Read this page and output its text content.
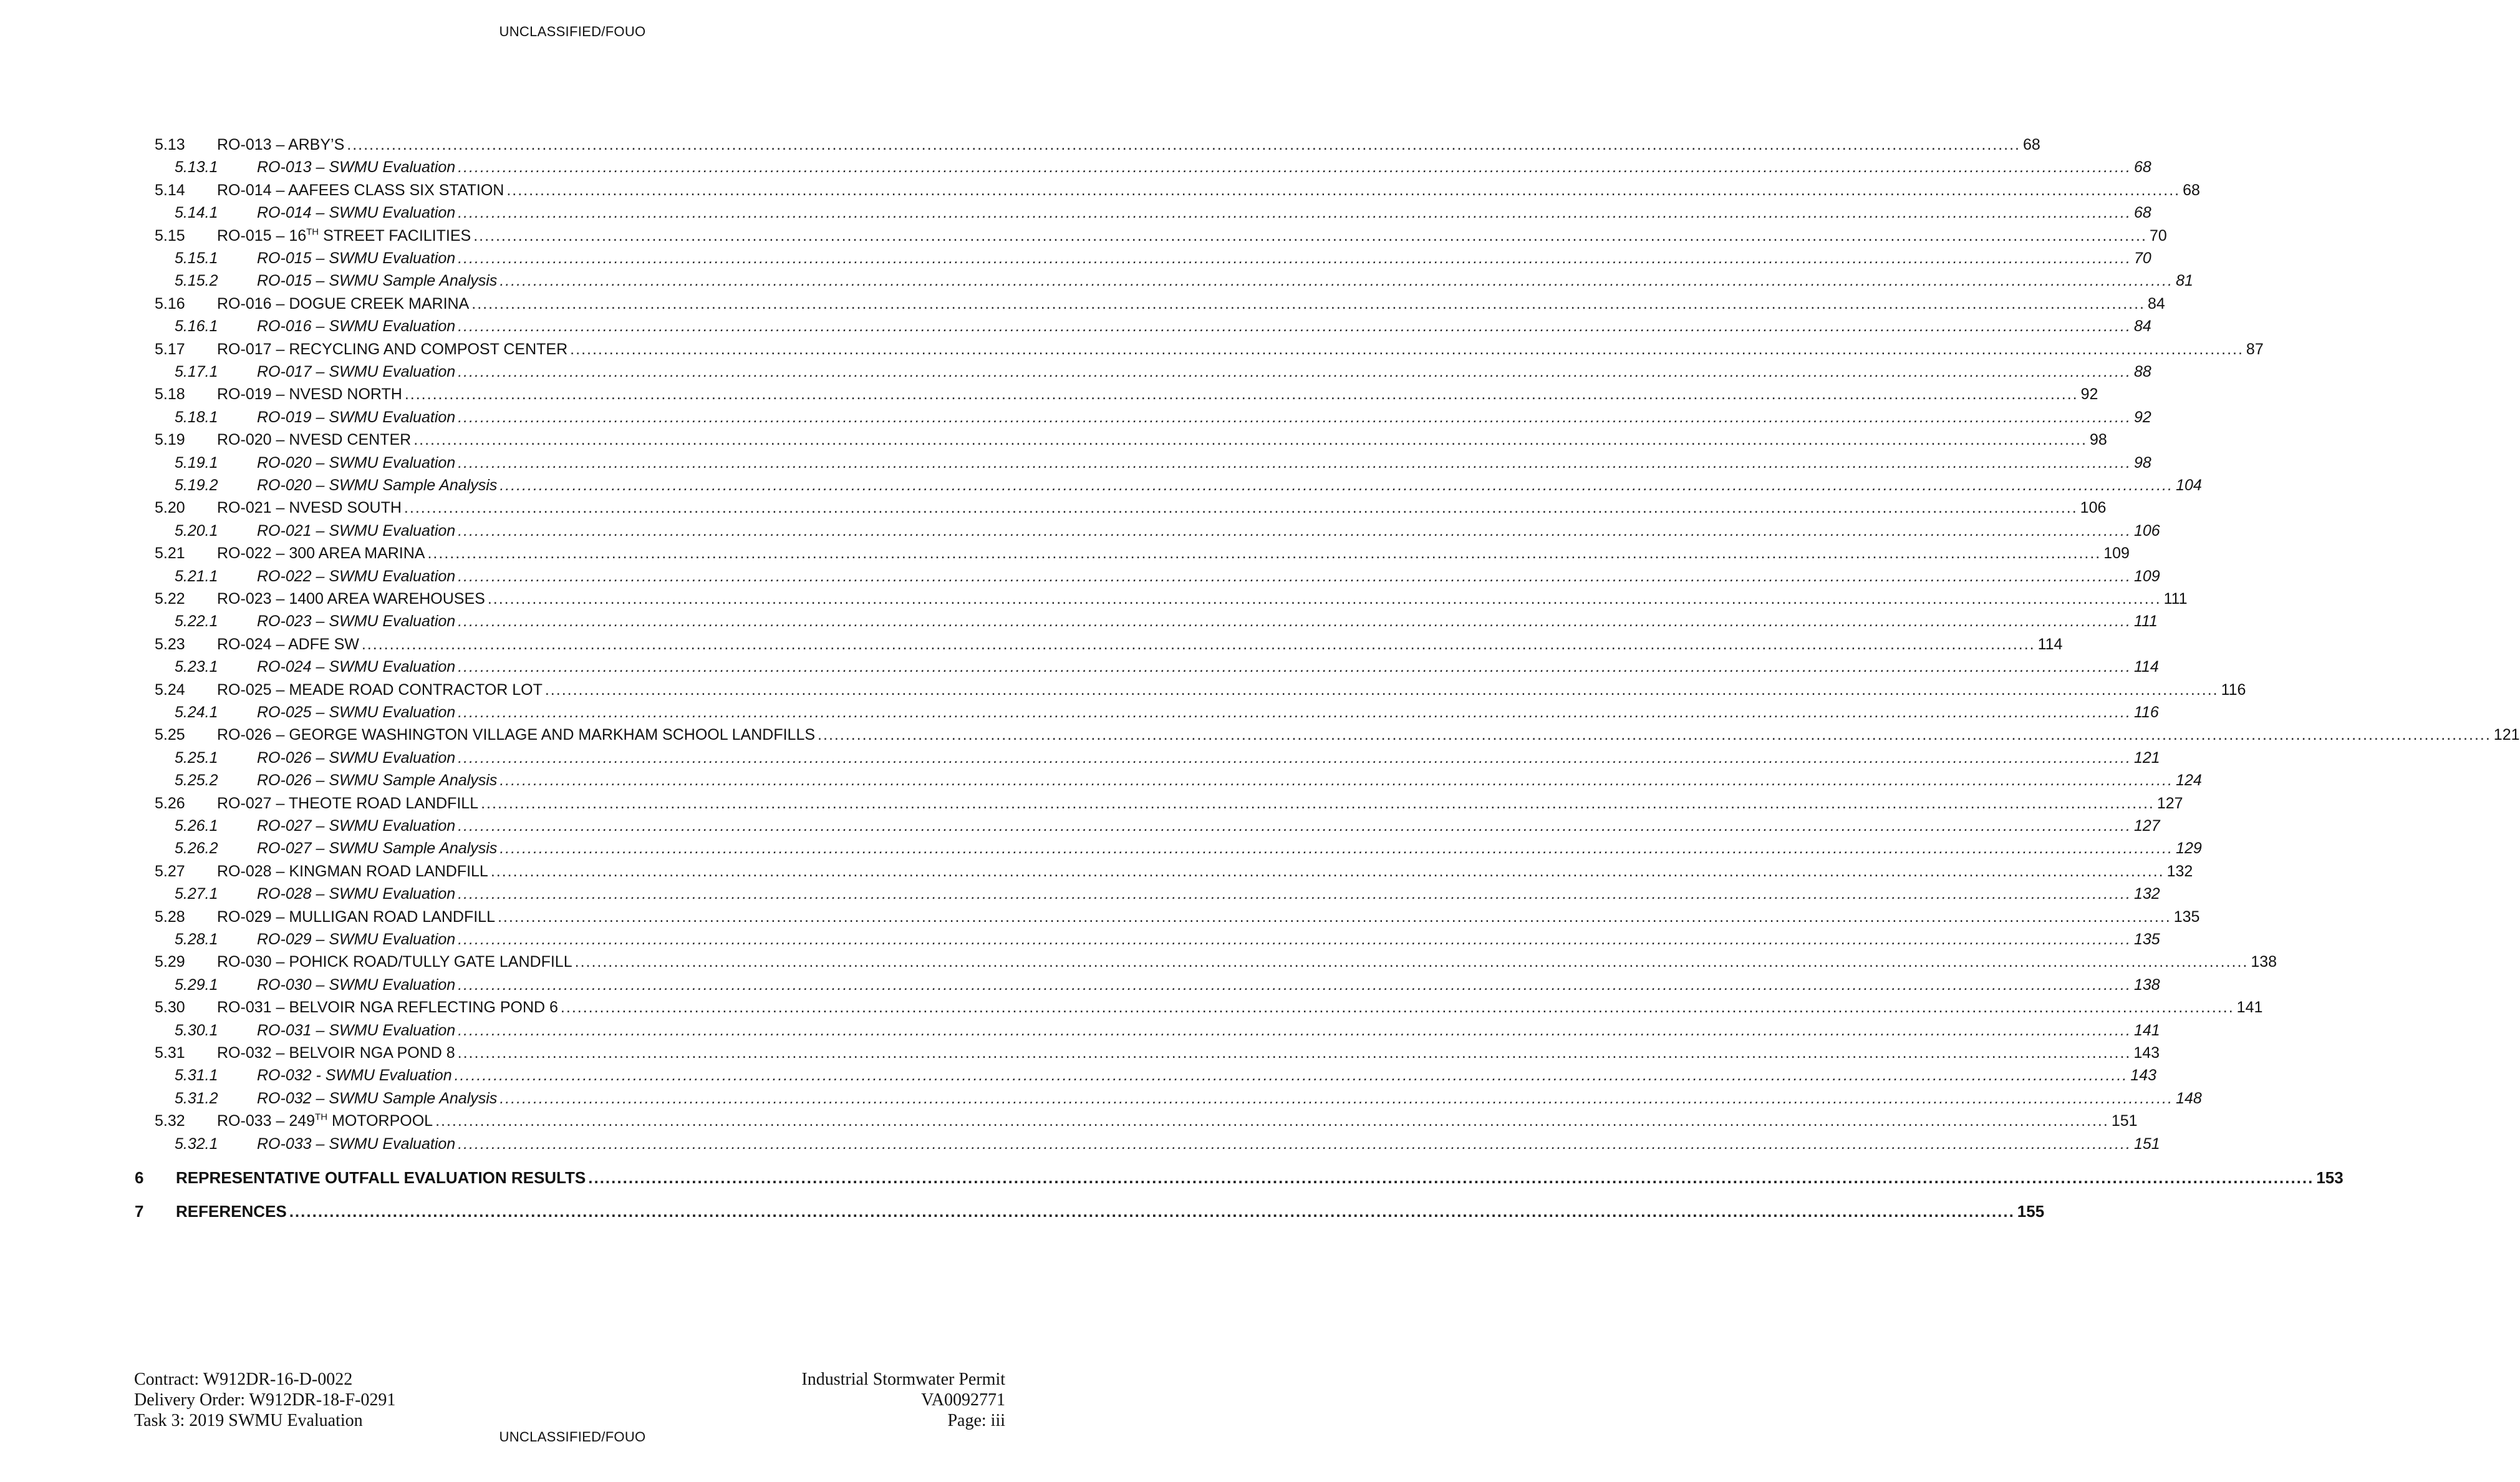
UNCLASSIFIED/FOUO
5.13	RO-013 – ARBY’S ............................................................................................................................................................................................................................................................................................................ 68
5.13.1	RO-013 – SWMU Evaluation ............................................................................................................................................................................................................................................................................................................ 68
5.14	RO-014 – AAFEES CLASS SIX STATION ............................................................................................................................................................................................................................................................................................................ 68
5.14.1	RO-014 – SWMU Evaluation ............................................................................................................................................................................................................................................................................................................ 68
5.15	RO-015 – 16TH STREET FACILITIES ............................................................................................................................................................................................................................................................................................................ 70
5.15.1	RO-015 – SWMU Evaluation ............................................................................................................................................................................................................................................................................................................ 70
5.15.2	RO-015 – SWMU Sample Analysis ............................................................................................................................................................................................................................................................................................................ 81
5.16	RO-016 – DOGUE CREEK MARINA ............................................................................................................................................................................................................................................................................................................ 84
5.16.1	RO-016 – SWMU Evaluation ............................................................................................................................................................................................................................................................................................................ 84
5.17	RO-017 – RECYCLING AND COMPOST CENTER ............................................................................................................................................................................................................................................................................................................ 87
5.17.1	RO-017 – SWMU Evaluation ............................................................................................................................................................................................................................................................................................................ 88
5.18	RO-019 – NVESD NORTH ............................................................................................................................................................................................................................................................................................................ 92
5.18.1	RO-019 – SWMU Evaluation ............................................................................................................................................................................................................................................................................................................ 92
5.19	RO-020 – NVESD CENTER ............................................................................................................................................................................................................................................................................................................ 98
5.19.1	RO-020 – SWMU Evaluation ............................................................................................................................................................................................................................................................................................................ 98
5.19.2	RO-020 – SWMU Sample Analysis ............................................................................................................................................................................................................................................................................................................ 104
5.20	RO-021 – NVESD SOUTH ............................................................................................................................................................................................................................................................................................................ 106
5.20.1	RO-021 – SWMU Evaluation ............................................................................................................................................................................................................................................................................................................ 106
5.21	RO-022 – 300 AREA MARINA ............................................................................................................................................................................................................................................................................................................ 109
5.21.1	RO-022 – SWMU Evaluation ............................................................................................................................................................................................................................................................................................................ 109
5.22	RO-023 – 1400 AREA WAREHOUSES ............................................................................................................................................................................................................................................................................................................ 111
5.22.1	RO-023 – SWMU Evaluation ............................................................................................................................................................................................................................................................................................................ 111
5.23	RO-024 – ADFE SW ............................................................................................................................................................................................................................................................................................................ 114
5.23.1	RO-024 – SWMU Evaluation ............................................................................................................................................................................................................................................................................................................ 114
5.24	RO-025 – MEADE ROAD CONTRACTOR LOT ............................................................................................................................................................................................................................................................................................................ 116
5.24.1	RO-025 – SWMU Evaluation ............................................................................................................................................................................................................................................................................................................ 116
5.25	RO-026 – GEORGE WASHINGTON VILLAGE AND MARKHAM SCHOOL LANDFILLS ............................................................................................................................................................................................................................................................................................................ 121
5.25.1	RO-026 – SWMU Evaluation ............................................................................................................................................................................................................................................................................................................ 121
5.25.2	RO-026 – SWMU Sample Analysis ............................................................................................................................................................................................................................................................................................................ 124
5.26	RO-027 – THEOTE ROAD LANDFILL ............................................................................................................................................................................................................................................................................................................ 127
5.26.1	RO-027 – SWMU Evaluation ............................................................................................................................................................................................................................................................................................................ 127
5.26.2	RO-027 – SWMU Sample Analysis ............................................................................................................................................................................................................................................................................................................ 129
5.27	RO-028 – KINGMAN ROAD LANDFILL ............................................................................................................................................................................................................................................................................................................ 132
5.27.1	RO-028 – SWMU Evaluation ............................................................................................................................................................................................................................................................................................................ 132
5.28	RO-029 – MULLIGAN ROAD LANDFILL ............................................................................................................................................................................................................................................................................................................ 135
5.28.1	RO-029 – SWMU Evaluation ............................................................................................................................................................................................................................................................................................................ 135
5.29	RO-030 – POHICK ROAD/TULLY GATE LANDFILL ............................................................................................................................................................................................................................................................................................................ 138
5.29.1	RO-030 – SWMU Evaluation ............................................................................................................................................................................................................................................................................................................ 138
5.30	RO-031 – BELVOIR NGA REFLECTING POND 6 ............................................................................................................................................................................................................................................................................................................ 141
5.30.1	RO-031 – SWMU Evaluation ............................................................................................................................................................................................................................................................................................................ 141
5.31	RO-032 – BELVOIR NGA POND 8 ............................................................................................................................................................................................................................................................................................................ 143
5.31.1	RO-032 - SWMU Evaluation ............................................................................................................................................................................................................................................................................................................ 143
5.31.2	RO-032 – SWMU Sample Analysis ............................................................................................................................................................................................................................................................................................................ 148
5.32	RO-033 – 249TH MOTORPOOL ............................................................................................................................................................................................................................................................................................................ 151
5.32.1	RO-033 – SWMU Evaluation ............................................................................................................................................................................................................................................................................................................ 151
6	REPRESENTATIVE OUTFALL EVALUATION RESULTS ............................................................................................................................................................................................................................................................................................................ 153
7	REFERENCES ............................................................................................................................................................................................................................................................................................................ 155
Contract: W912DR-16-D-0022
Delivery Order: W912DR-18-F-0291
Task 3: 2019 SWMU Evaluation
Industrial Stormwater Permit
VA0092771
Page: iii
UNCLASSIFIED/FOUO
